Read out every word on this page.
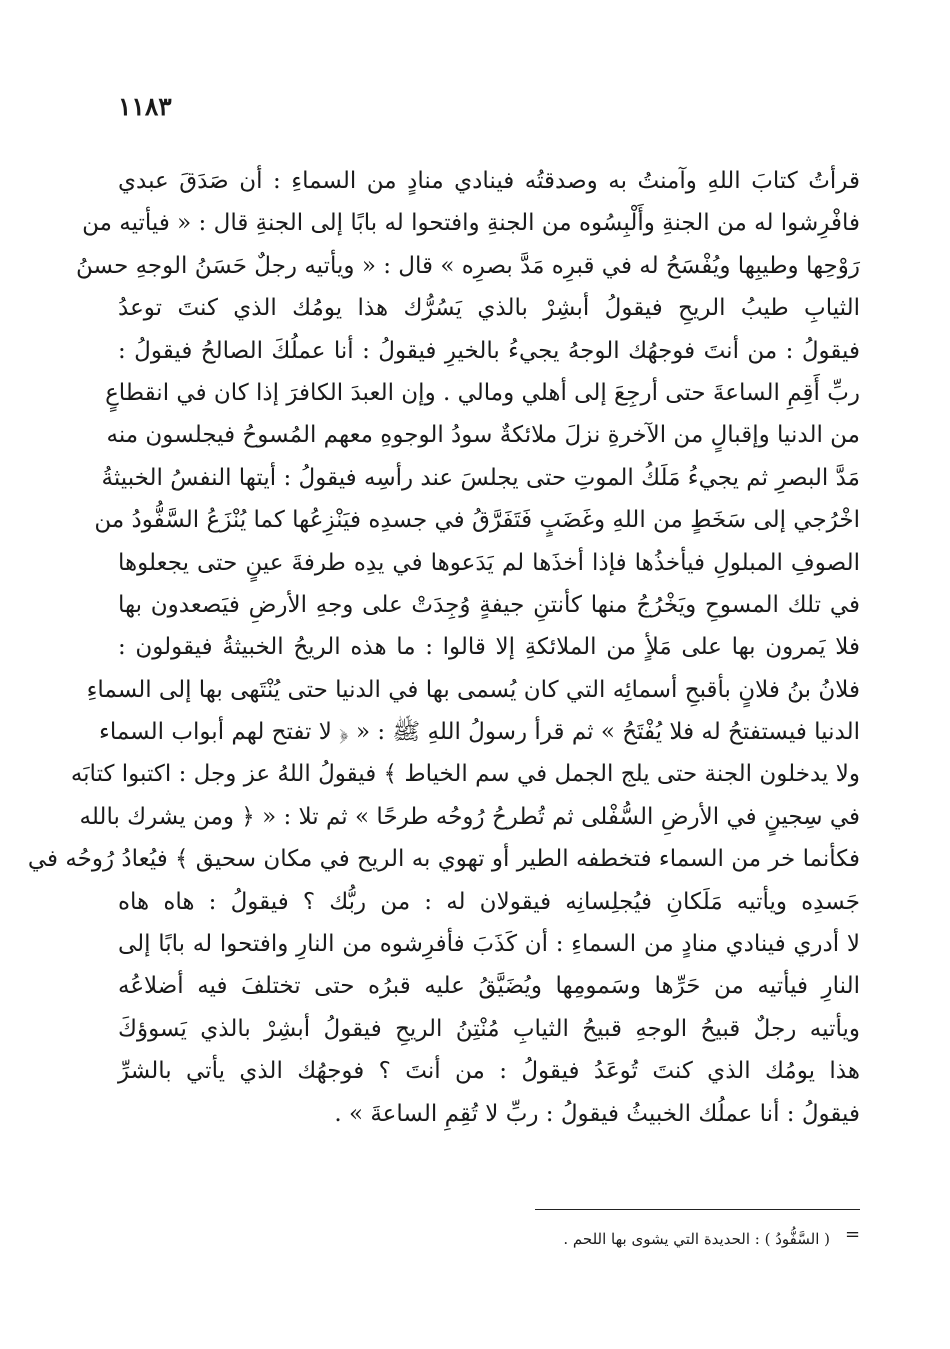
١١٨٣
قرأتُ كتابَ اللهِ وآمنتُ به وصدقتُه فينادي منادٍ من السماءِ : أن صَدَقَ عبدي
فافْرِشوا له من الجنةِ وأَلْبِسُوه من الجنةِ وافتحوا له بابًا إلى الجنةِ قال : « فيأتيه من
رَوْحِها وطيبِها ويُفْسَحُ له في قبرِه مَدَّ بصرِه » قال : « ويأتيه رجلٌ حَسَنُ الوجهِ حسنُ
الثيابِ طيبُ الريحِ فيقولُ أبشِرْ بالذي يَسُرُّك هذا يومُك الذي كنتَ توعدُ
فيقولُ : من أنتَ فوجهُك الوجهُ يجيءُ بالخيرِ فيقولُ : أنا عملُكَ الصالحُ فيقولُ :
ربِّ أَقِمِ الساعةَ حتى أرجِعَ إلى أهلي ومالي . وإن العبدَ الكافرَ إذا كان في انقطاعٍ
من الدنيا وإقبالٍ من الآخرةِ نزلَ ملائكةٌ سودُ الوجوهِ معهم المُسوحُ فيجلسون منه
مَدَّ البصرِ ثم يجيءُ مَلَكُ الموتِ حتى يجلسَ عند رأسِه فيقولُ : أيتها النفسُ الخبيثةُ
اخْرُجي إلى سَخَطٍ من اللهِ وغَضَبٍ فَتَفَرَّقُ في جسدِه فيَنْزِعُها كما يُنْزَعُ السَّفُّودُ من
الصوفِ المبلولِ فيأخذُها فإذا أخذَها لم يَدَعوها في يدِه طرفةَ عينٍ حتى يجعلوها
في تلك المسوحِ ويَخْرُجُ منها كأنتنِ جيفةٍ وُجِدَتْ على وجهِ الأرضِ فيَصعدون بها
فلا يَمرون بها على مَلأٍ من الملائكةِ إلا قالوا : ما هذه الريحُ الخبيثةُ فيقولون :
فلانُ بنُ فلانٍ بأقبحِ أسمائِه التي كان يُسمى بها في الدنيا حتى يُنْتَهى بها إلى السماءِ
الدنيا فيستفتحُ له فلا يُفْتَحُ » ثم قرأ رسولُ اللهِ ﷺ : « ﴿ لا تفتح لهم أبواب السماء
ولا يدخلون الجنة حتى يلج الجمل في سم الخياط ﴾ فيقولُ اللهُ عز وجل : اكتبوا كتابَه
في سِجينٍ في الأرضِ السُّفْلى ثم تُطرحُ رُوحُه طرحًا » ثم تلا : « ﴿ ومن يشرك بالله
فكأنما خر من السماء فتخطفه الطير أو تهوي به الريح في مكان سحيق ﴾ فيُعادُ رُوحُه في
جَسدِه ويأتيه مَلَكانِ فيُجلِسانِه فيقولان له : من ربُّك ؟ فيقولُ : هاه هاه
لا أدري فينادي منادٍ من السماءِ : أن كَذَبَ فأفرِشوه من النارِ وافتحوا له بابًا إلى
النارِ فيأتيه من حَرِّها وسَمومِها ويُضَيَّقُ عليه قبرُه حتى تختلفَ فيه أضلاعُه
ويأتيه رجلٌ قبيحُ الوجهِ قبيحُ الثيابِ مُنْتِنُ الريحِ فيقولُ أبشِرْ بالذي يَسوؤكَ
هذا يومُك الذي كنتَ تُوعَدُ فيقولُ : من أنتَ ؟ فوجهُك الذي يأتي بالشرِّ
فيقولُ : أنا عملُك الخبيثُ فيقولُ : ربِّ لا تُقِمِ الساعةَ » .
=
( السَّفُّودُ ) : الحديدة التي يشوى بها اللحم .
